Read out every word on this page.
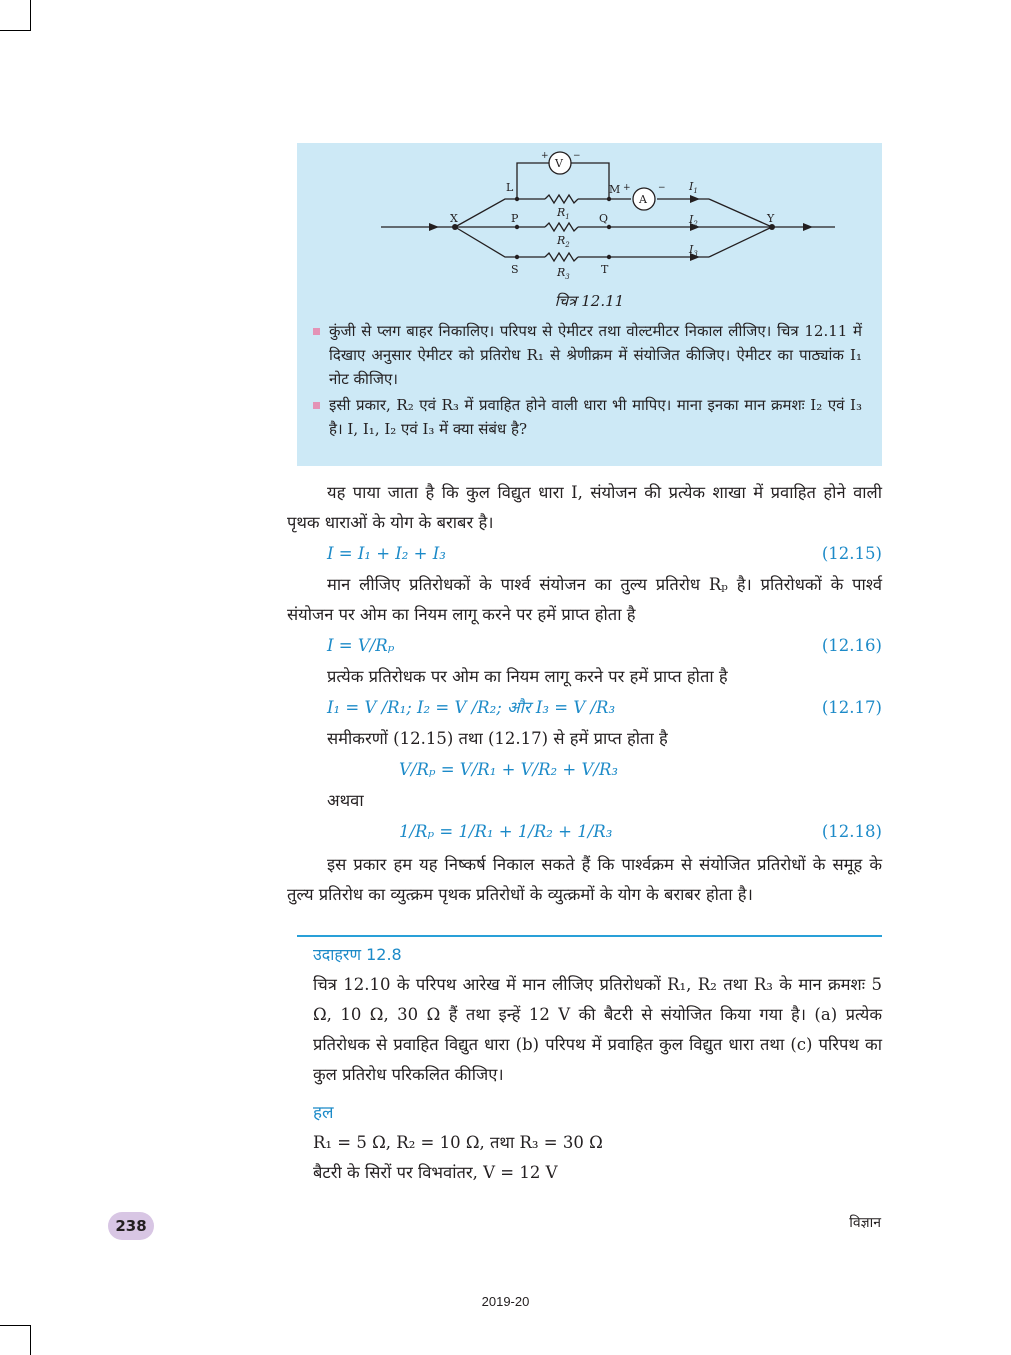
V
+	−
A
+	−
L	M
X	Y
P	Q
S	T
$R_1$
$R_2$
$R_3$
$I_1$
$I_2$
$I_3$
चित्र 12.11
कुंजी से प्लग बाहर निकालिए। परिपथ से ऐमीटर तथा वोल्टमीटर निकाल लीजिए। चित्र 12.11 में दिखाए अनुसार ऐमीटर को प्रतिरोध R₁ से श्रेणीक्रम में संयोजित कीजिए। ऐमीटर का पाठ्यांक I₁ नोट कीजिए।
इसी प्रकार, R₂ एवं R₃ में प्रवाहित होने वाली धारा भी मापिए। माना इनका मान क्रमशः I₂ एवं I₃ है। I, I₁, I₂ एवं I₃ में क्या संबंध है?

यह पाया जाता है कि कुल विद्युत धारा I, संयोजन की प्रत्येक शाखा में प्रवाहित होने वाली पृथक धाराओं के योग के बराबर है।

I = I₁ + I₂ + I₃	(12.15)

मान लीजिए प्रतिरोधकों के पार्श्व संयोजन का तुल्य प्रतिरोध Rₚ है। प्रतिरोधकों के पार्श्व संयोजन पर ओम का नियम लागू करने पर हमें प्राप्त होता है

I = V/Rₚ	(12.16)

प्रत्येक प्रतिरोधक पर ओम का नियम लागू करने पर हमें प्राप्त होता है

I₁ = V /R₁; I₂ = V /R₂; और I₃ = V /R₃	(12.17)

समीकरणों (12.15) तथा (12.17) से हमें प्राप्त होता है

V/Rₚ = V/R₁ + V/R₂ + V/R₃

अथवा

1/Rₚ = 1/R₁ + 1/R₂ + 1/R₃	(12.18)

इस प्रकार हम यह निष्कर्ष निकाल सकते हैं कि पार्श्वक्रम से संयोजित प्रतिरोधों के समूह के तुल्य प्रतिरोध का व्युत्क्रम पृथक प्रतिरोधों के व्युत्क्रमों के योग के बराबर होता है।

उदाहरण 12.8

चित्र 12.10 के परिपथ आरेख में मान लीजिए प्रतिरोधकों R₁, R₂ तथा R₃ के मान क्रमशः 5 Ω, 10 Ω, 30 Ω हैं तथा इन्हें 12 V की बैटरी से संयोजित किया गया है। (a) प्रत्येक प्रतिरोधक से प्रवाहित विद्युत धारा (b) परिपथ में प्रवाहित कुल विद्युत धारा तथा (c) परिपथ का कुल प्रतिरोध परिकलित कीजिए।

हल

R₁ = 5 Ω, R₂ = 10 Ω, तथा R₃ = 30 Ω

बैटरी के सिरों पर विभवांतर, V = 12 V

238	विज्ञान
2019-20
